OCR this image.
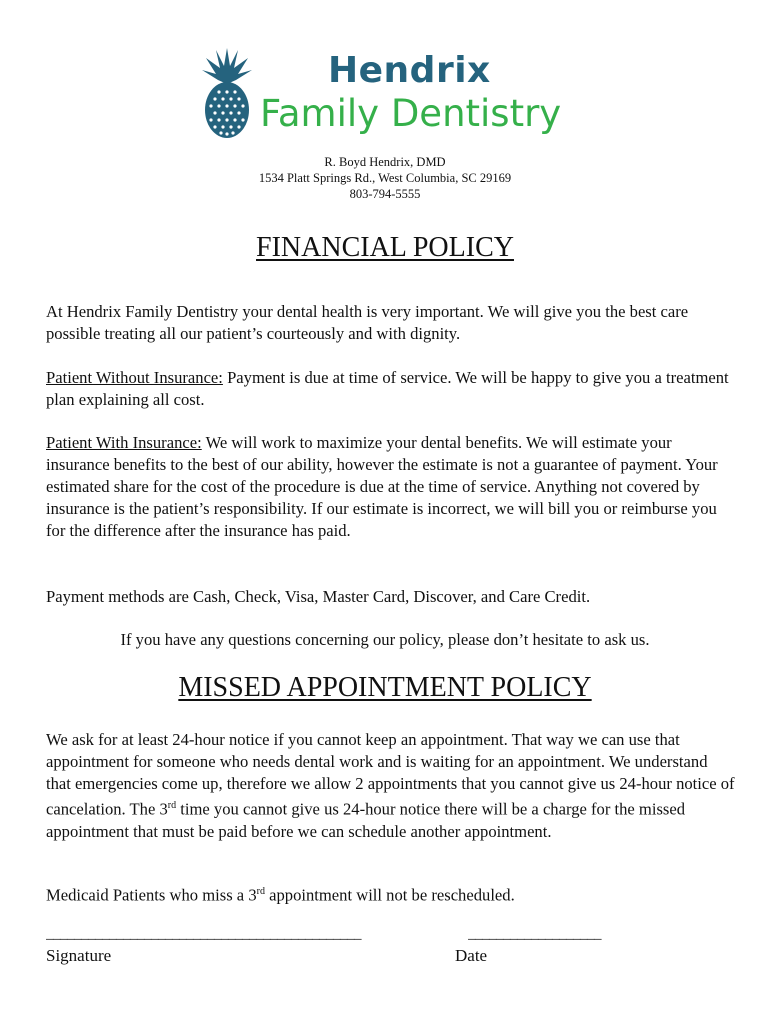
Hendrix
Family Dentistry
R. Boyd Hendrix, DMD
1534 Platt Springs Rd., West Columbia, SC 29169
803-794-5555
FINANCIAL POLICY
At Hendrix Family Dentistry your dental health is very important. We will give you the best care possible treating all our patient’s courteously and with dignity.
Patient Without Insurance: Payment is due at time of service. We will be happy to give you a treatment plan explaining all cost.
Patient With Insurance: We will work to maximize your dental benefits. We will estimate your insurance benefits to the best of our ability, however the estimate is not a guarantee of payment. Your estimated share for the cost of the procedure is due at the time of service. Anything not covered by insurance is the patient’s responsibility. If our estimate is incorrect, we will bill you or reimburse you for the difference after the insurance has paid.
Payment methods are Cash, Check, Visa, Master Card, Discover, and Care Credit.
If you have any questions concerning our policy, please don’t hesitate to ask us.
MISSED APPOINTMENT POLICY
We ask for at least 24-hour notice if you cannot keep an appointment. That way we can use that appointment for someone who needs dental work and is waiting for an appointment. We understand that emergencies come up, therefore we allow 2 appointments that you cannot give us 24-hour notice of cancelation. The 3rd time you cannot give us 24-hour notice there will be a charge for the missed appointment that must be paid before we can schedule another appointment.
Medicaid Patients who miss a 3rd appointment will not be rescheduled.
_____________________________________________	___________________
Signature	Date
